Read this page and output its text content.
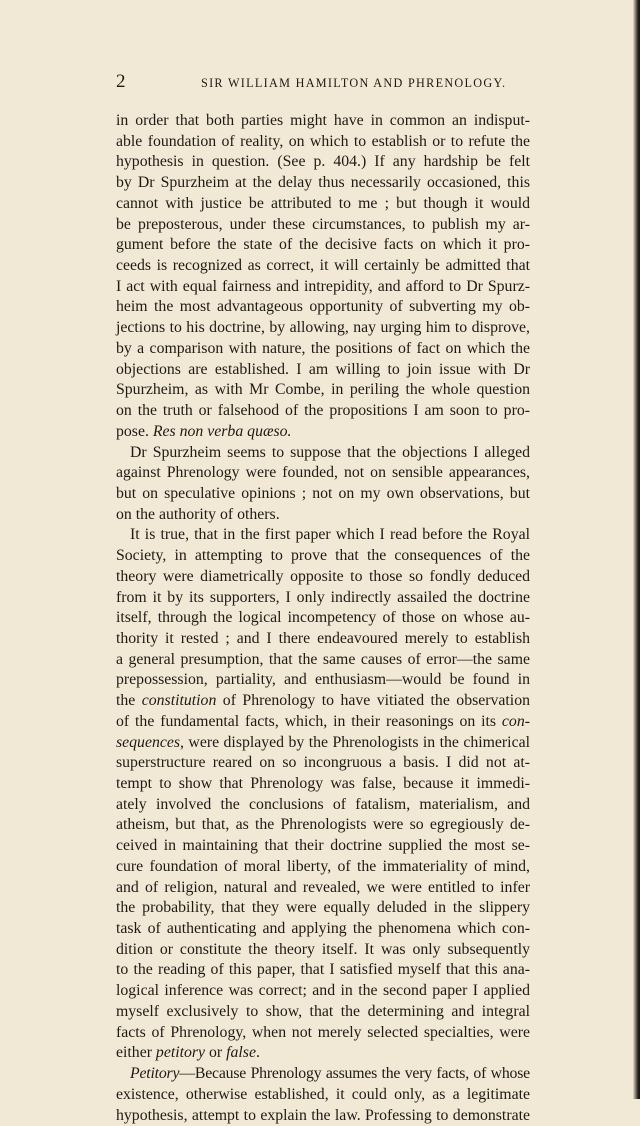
2	SIR WILLIAM HAMILTON AND PHRENOLOGY.
in order that both parties might have in common an indisput-
able foundation of reality, on which to establish or to refute the
hypothesis in question. (See p. 404.) If any hardship be felt
by Dr Spurzheim at the delay thus necessarily occasioned, this
cannot with justice be attributed to me ; but though it would
be preposterous, under these circumstances, to publish my ar-
gument before the state of the decisive facts on which it pro-
ceeds is recognized as correct, it will certainly be admitted that
I act with equal fairness and intrepidity, and afford to Dr Spurz-
heim the most advantageous opportunity of subverting my ob-
jections to his doctrine, by allowing, nay urging him to disprove,
by a comparison with nature, the positions of fact on which the
objections are established. I am willing to join issue with Dr
Spurzheim, as with Mr Combe, in periling the whole question
on the truth or falsehood of the propositions I am soon to pro-
pose. Res non verba quæso.
Dr Spurzheim seems to suppose that the objections I alleged
against Phrenology were founded, not on sensible appearances,
but on speculative opinions ; not on my own observations, but
on the authority of others.
It is true, that in the first paper which I read before the Royal
Society, in attempting to prove that the consequences of the
theory were diametrically opposite to those so fondly deduced
from it by its supporters, I only indirectly assailed the doctrine
itself, through the logical incompetency of those on whose au-
thority it rested ; and I there endeavoured merely to establish
a general presumption, that the same causes of error—the same
prepossession, partiality, and enthusiasm—would be found in
the constitution of Phrenology to have vitiated the observation
of the fundamental facts, which, in their reasonings on its con-
sequences, were displayed by the Phrenologists in the chimerical
superstructure reared on so incongruous a basis. I did not at-
tempt to show that Phrenology was false, because it immedi-
ately involved the conclusions of fatalism, materialism, and
atheism, but that, as the Phrenologists were so egregiously de-
ceived in maintaining that their doctrine supplied the most se-
cure foundation of moral liberty, of the immateriality of mind,
and of religion, natural and revealed, we were entitled to infer
the probability, that they were equally deluded in the slippery
task of authenticating and applying the phenomena which con-
dition or constitute the theory itself. It was only subsequently
to the reading of this paper, that I satisfied myself that this ana-
logical inference was correct; and in the second paper I applied
myself exclusively to show, that the determining and integral
facts of Phrenology, when not merely selected specialties, were
either petitory or false.
Petitory—Because Phrenology assumes the very facts, of whose
existence, otherwise established, it could only, as a legitimate
hypothesis, attempt to explain the law. Professing to demonstrate
